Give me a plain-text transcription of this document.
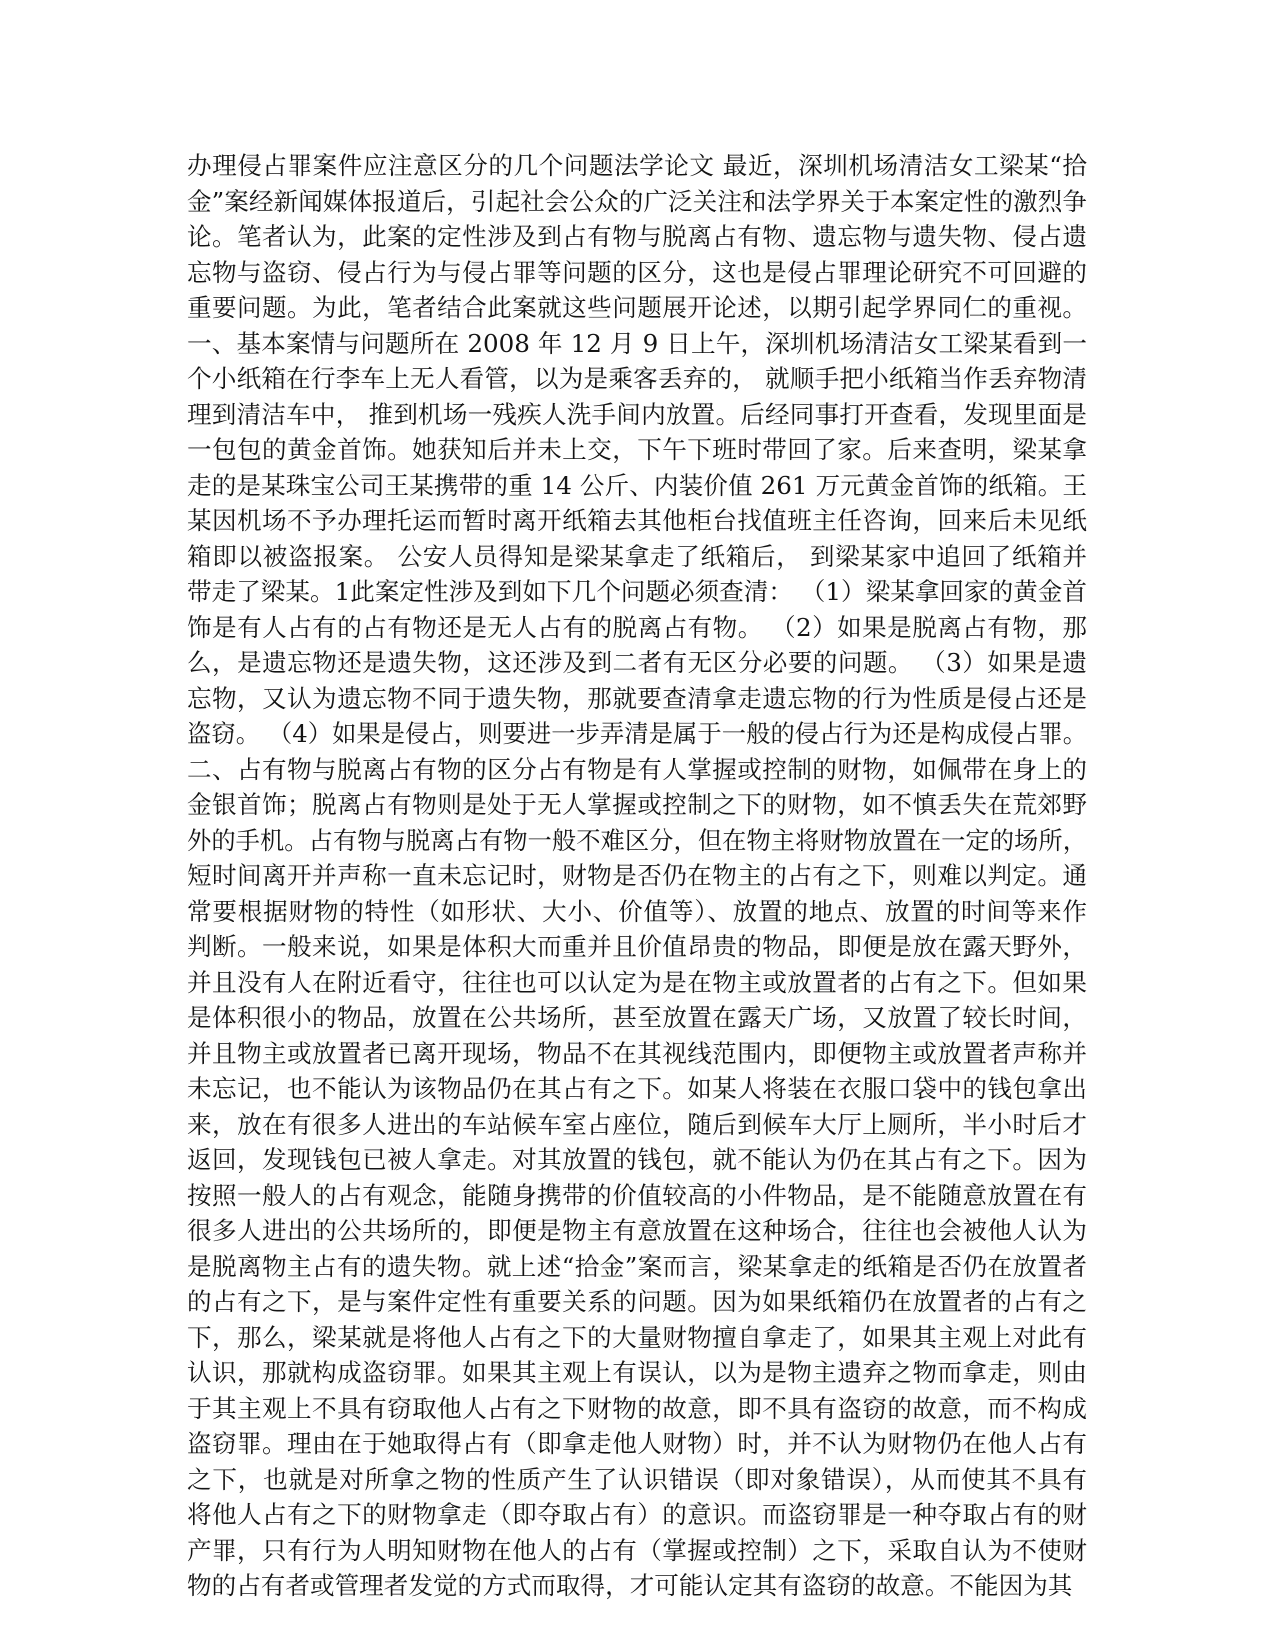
办理侵占罪案件应注意区分的几个问题法学论文 最近，深圳机场清洁女工梁某“拾
金”案经新闻媒体报道后，引起社会公众的广泛关注和法学界关于本案定性的激烈争
论。笔者认为，此案的定性涉及到占有物与脱离占有物、遗忘物与遗失物、侵占遗
忘物与盗窃、侵占行为与侵占罪等问题的区分，这也是侵占罪理论研究不可回避的
重要问题。为此，笔者结合此案就这些问题展开论述，以期引起学界同仁的重视。
一、基本案情与问题所在 2008 年 12 月 9 日上午，深圳机场清洁女工梁某看到一
个小纸箱在行李车上无人看管，以为是乘客丢弃的， 就顺手把小纸箱当作丢弃物清
理到清洁车中， 推到机场一残疾人洗手间内放置。后经同事打开查看，发现里面是
一包包的黄金首饰。她获知后并未上交，下午下班时带回了家。后来查明，梁某拿
走的是某珠宝公司王某携带的重 14 公斤、内装价值 261 万元黄金首饰的纸箱。王
某因机场不予办理托运而暂时离开纸箱去其他柜台找值班主任咨询，回来后未见纸
箱即以被盗报案。 公安人员得知是梁某拿走了纸箱后， 到梁某家中追回了纸箱并
带走了梁某。1此案定性涉及到如下几个问题必须查清： （1）梁某拿回家的黄金首
饰是有人占有的占有物还是无人占有的脱离占有物。 （2）如果是脱离占有物，那
么，是遗忘物还是遗失物，这还涉及到二者有无区分必要的问题。 （3）如果是遗
忘物，又认为遗忘物不同于遗失物，那就要查清拿走遗忘物的行为性质是侵占还是
盗窃。 （4）如果是侵占，则要进一步弄清是属于一般的侵占行为还是构成侵占罪。
二、占有物与脱离占有物的区分占有物是有人掌握或控制的财物，如佩带在身上的
金银首饰；脱离占有物则是处于无人掌握或控制之下的财物，如不慎丢失在荒郊野
外的手机。占有物与脱离占有物一般不难区分，但在物主将财物放置在一定的场所，
短时间离开并声称一直未忘记时，财物是否仍在物主的占有之下，则难以判定。通
常要根据财物的特性（如形状、大小、价值等）、放置的地点、放置的时间等来作
判断。一般来说，如果是体积大而重并且价值昂贵的物品，即便是放在露天野外，
并且没有人在附近看守，往往也可以认定为是在物主或放置者的占有之下。但如果
是体积很小的物品，放置在公共场所，甚至放置在露天广场，又放置了较长时间，
并且物主或放置者已离开现场，物品不在其视线范围内，即便物主或放置者声称并
未忘记，也不能认为该物品仍在其占有之下。如某人将装在衣服口袋中的钱包拿出
来，放在有很多人进出的车站候车室占座位，随后到候车大厅上厕所，半小时后才
返回，发现钱包已被人拿走。对其放置的钱包，就不能认为仍在其占有之下。因为
按照一般人的占有观念，能随身携带的价值较高的小件物品，是不能随意放置在有
很多人进出的公共场所的，即便是物主有意放置在这种场合，往往也会被他人认为
是脱离物主占有的遗失物。就上述“拾金”案而言，梁某拿走的纸箱是否仍在放置者
的占有之下，是与案件定性有重要关系的问题。因为如果纸箱仍在放置者的占有之
下，那么，梁某就是将他人占有之下的大量财物擅自拿走了，如果其主观上对此有
认识，那就构成盗窃罪。如果其主观上有误认，以为是物主遗弃之物而拿走，则由
于其主观上不具有窃取他人占有之下财物的故意，即不具有盗窃的故意，而不构成
盗窃罪。理由在于她取得占有（即拿走他人财物）时，并不认为财物仍在他人占有
之下，也就是对所拿之物的性质产生了认识错误（即对象错误），从而使其不具有
将他人占有之下的财物拿走（即夺取占有）的意识。而盗窃罪是一种夺取占有的财
产罪，只有行为人明知财物在他人的占有（掌握或控制）之下，采取自认为不使财
物的占有者或管理者发觉的方式而取得，才可能认定其有盗窃的故意。不能因为其
